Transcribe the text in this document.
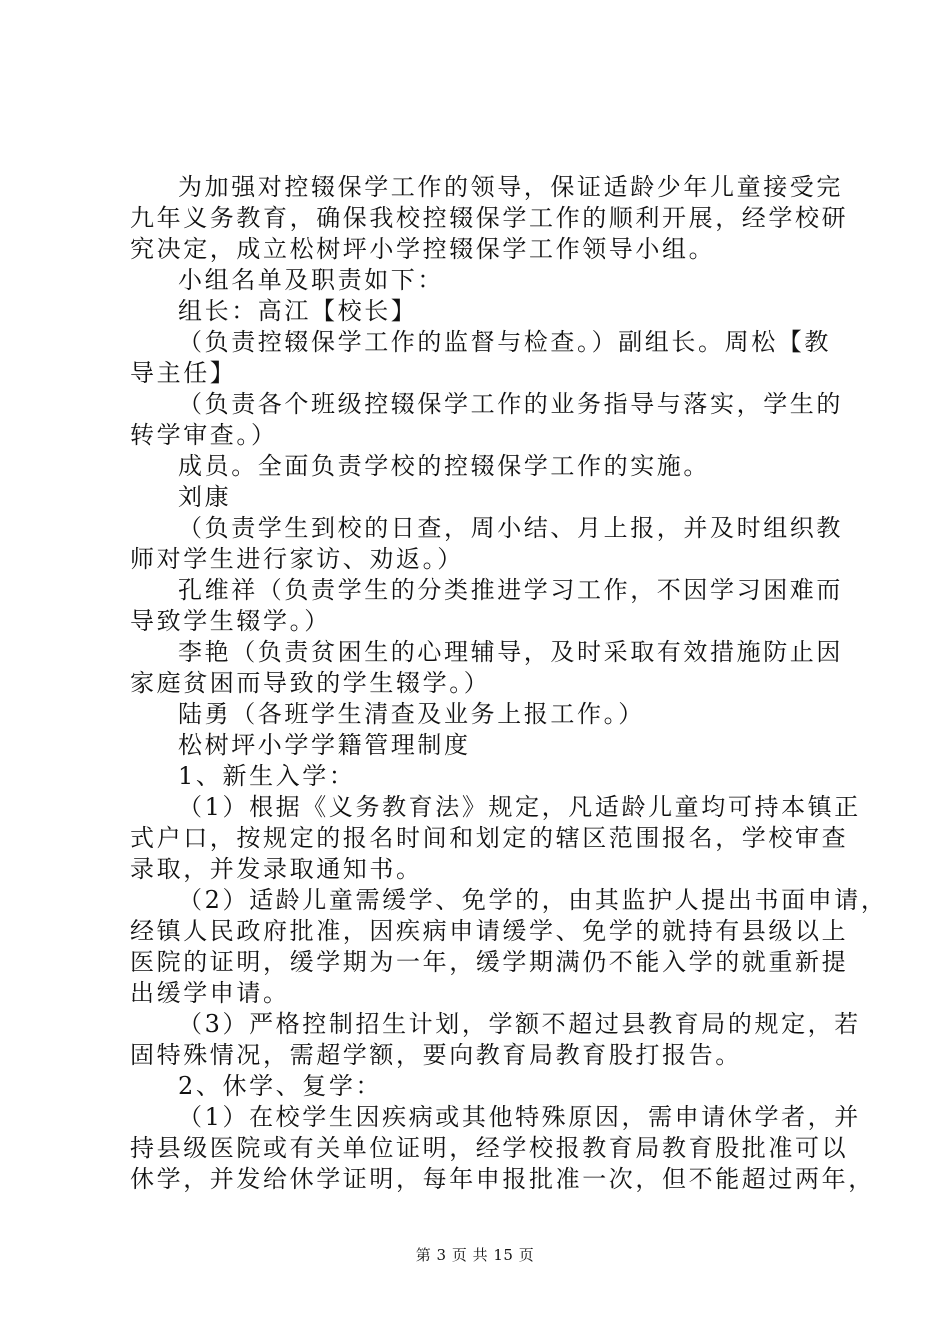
为加强对控辍保学工作的领导，保证适龄少年儿童接受完
九年义务教育，确保我校控辍保学工作的顺利开展，经学校研
究决定，成立松树坪小学控辍保学工作领导小组。
小组名单及职责如下：
组长：高江【校长】
（负责控辍保学工作的监督与检查。）副组长。周松【教
导主任】
（负责各个班级控辍保学工作的业务指导与落实，学生的
转学审查。）
成员。全面负责学校的控辍保学工作的实施。
刘康
（负责学生到校的日查，周小结、月上报，并及时组织教
师对学生进行家访、劝返。）
孔维祥（负责学生的分类推进学习工作，不因学习困难而
导致学生辍学。）
李艳（负责贫困生的心理辅导，及时采取有效措施防止因
家庭贫困而导致的学生辍学。）
陆勇（各班学生清查及业务上报工作。）
松树坪小学学籍管理制度
1、新生入学：
（1）根据《义务教育法》规定，凡适龄儿童均可持本镇正
式户口，按规定的报名时间和划定的辖区范围报名，学校审查
录取，并发录取通知书。
（2）适龄儿童需缓学、免学的，由其监护人提出书面申请，
经镇人民政府批准，因疾病申请缓学、免学的就持有县级以上
医院的证明，缓学期为一年，缓学期满仍不能入学的就重新提
出缓学申请。
（3）严格控制招生计划，学额不超过县教育局的规定，若
固特殊情况，需超学额，要向教育局教育股打报告。
2、休学、复学：
（1）在校学生因疾病或其他特殊原因，需申请休学者，并
持县级医院或有关单位证明，经学校报教育局教育股批准可以
休学，并发给休学证明，每年申报批准一次，但不能超过两年，
第 3 页 共 15 页
